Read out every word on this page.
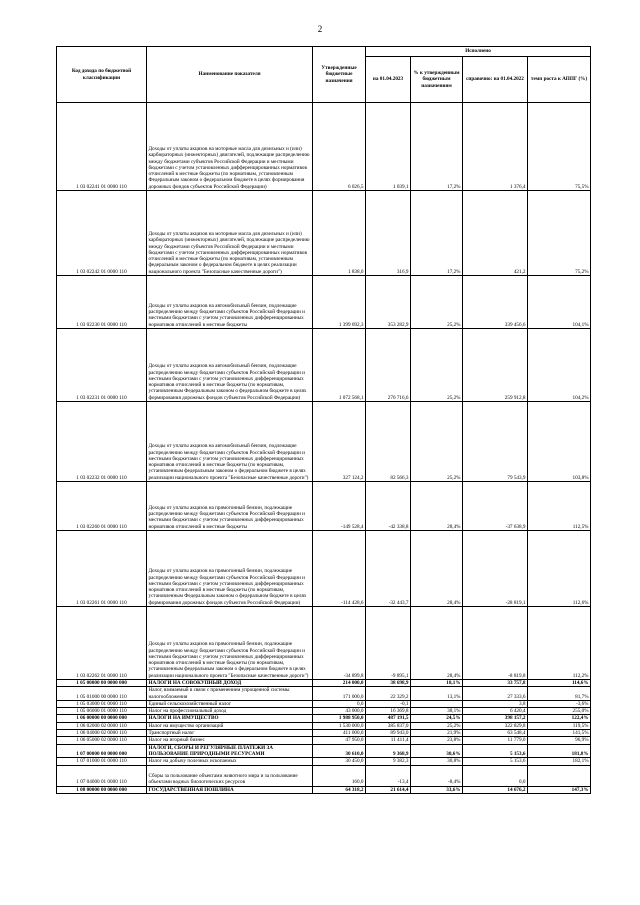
2
Код дохода по бюджетной классификации	Наименование показателя	Утвержденные бюджетные назначения	Исполнено			
			на 01.04.2023	% к утвержденным бюджетным назначениям	справочно: на 01.04.2022	темп роста к АППГ (%)
1 03 02241 01 0000 110	Доходы от уплаты акцизов на моторные масла для дизельных и (или) карбюраторных (инжекторных) двигателей, подлежащие распределению между бюджетами субъектов Российской Федерации и местными бюджетами с учетом установленных дифференцированных нормативов отчислений в местные бюджеты (по нормативам, установленным Федеральным законом о федеральном бюджете в целях формирования дорожных фондов субъектов Российской Федерации)	6 026,5	1 039,1	17,2%	1 376,4	75,5%
1 03 02242 01 0000 110	Доходы от уплаты акцизов на моторные масла для дизельных и (или) карбюраторных (инжекторных) двигателей, подлежащие распределению между бюджетами субъектов Российской Федерации и местными бюджетами с учетом установленных дифференцированных нормативов отчислений в местные бюджеты (по нормативам, установленным федеральным законом о федеральном бюджете в целях реализации национального проекта "Безопасные качественные дороги")	1 838,0	316,9	17,2%	421,2	75,2%
1 03 02230 01 0000 110	Доходы от уплаты акцизов на автомобильный бензин, подлежащие распределению между бюджетами субъектов Российской Федерации и местными бюджетами с учетом установленных дифференцированных нормативов отчислений в местные бюджеты	1 399 692,3	353 282,9	25,2%	339 456,6	104,1%
1 03 02231 01 0000 110	Доходы от уплаты акцизов на автомобильный бензин, подлежащие распределению между бюджетами субъектов Российской Федерации и местными бюджетами с учетом установленных дифференцированных нормативов отчислений в местные бюджеты (по нормативам, установленным Федеральным законом о федеральном бюджете в целях формирования дорожных фондов субъектов Российской Федерации)	1 072 568,1	270 716,6	25,2%	259 912,8	104,2%
1 03 02232 01 0000 110	Доходы от уплаты акцизов на автомобильный бензин, подлежащие распределению между бюджетами субъектов Российской Федерации и местными бюджетами с учетом установленных дифференцированных нормативов отчислений в местные бюджеты (по нормативам, установленным федеральным законом о федеральном бюджете в целях реализации национального проекта "Безопасные качественные дороги")	327 124,2	82 566,3	25,2%	79 543,9	103,8%
1 03 02260 01 0000 110	Доходы от уплаты акцизов на прямогонный бензин, подлежащие распределению между бюджетами субъектов Российской Федерации и местными бюджетами с учетом установленных дифференцированных нормативов отчислений в местные бюджеты	-149 528,4	-42 338,8	28,4%	-37 638,9	112,5%
1 03 02261 01 0000 110	Доходы от уплаты акцизов на прямогонный бензин, подлежащие распределению между бюджетами субъектов Российской Федерации и местными бюджетами с учетом установленных дифференцированных нормативов отчислений в местные бюджеты (по нормативам, установленным Федеральным законом о федеральном бюджете в целях формирования дорожных фондов субъектов Российской Федерации)	-114 428,6	-32 443,7	28,4%	-28 819,1	112,6%
1 03 02262 01 0000 110	Доходы от уплаты акцизов на прямогонный бензин, подлежащие распределению между бюджетами субъектов Российской Федерации и местными бюджетами с учетом установленных дифференцированных нормативов отчислений в местные бюджеты (по нормативам, установленным федеральным законом о федеральном бюджете в целях реализации национального проекта "Безопасные качественные дороги")	-34 899,8	-9 895,1	28,4%	-8 819,8	112,2%
1 05 00000 00 0000 000	НАЛОГИ НА СОВОКУПНЫЙ ДОХОД	214 000,0	38 698,9	18,1%	33 757,8	114,6%
1 05 01000 00 0000 110	Налог, взимаемый в связи с применением упрощенной системы налогообложения	171 000,0	22 329,2	13,1%	27 333,6	81,7%
1 05 03000 01 0000 110	Единый сельскохозяйственный налог	0,0	-0,1		3,8	-3,6%
1 05 06000 01 0000 110	Налог на профессиональный доход	43 000,0	16 369,8	38,1%	6 420,4	255,0%
1 06 00000 00 0000 000	НАЛОГИ НА ИМУЩЕСТВО	1 988 950,0	487 191,5	24,5%	398 157,2	122,4%
1 06 02000 02 0000 110	Налог на имущество организаций	1 530 000,0	385 837,0	25,2%	322 829,8	119,5%
1 06 04000 02 0000 110	Транспортный налог	411 000,0	89 943,0	21,9%	63 548,4	141,5%
1 06 05000 02 0000 110	Налог на игорный бизнес	47 950,0	11 411,4	23,8%	11 779,0	96,9%
1 07 00000 00 0000 000	НАЛОГИ, СБОРЫ И РЕГУЛЯРНЫЕ ПЛАТЕЖИ ЗА ПОЛЬЗОВАНИЕ ПРИРОДНЫМИ РЕСУРСАМИ	30 610,0	9 368,9	30,6%	5 153,6	181,8%
1 07 01000 01 0000 110	Налог на добычу полезных ископаемых	30 450,0	9 382,3	30,8%	5 153,6	182,1%
1 07 04000 01 0000 110	Сборы за пользование объектами животного мира и за пользование объектами водных биологических ресурсов	160,0	-13,4	-8,4%	0,0	
1 08 00000 00 0000 000	ГОСУДАРСТВЕННАЯ ПОШЛИНА	64 318,2	21 614,4	33,6%	14 676,2	147,3%
